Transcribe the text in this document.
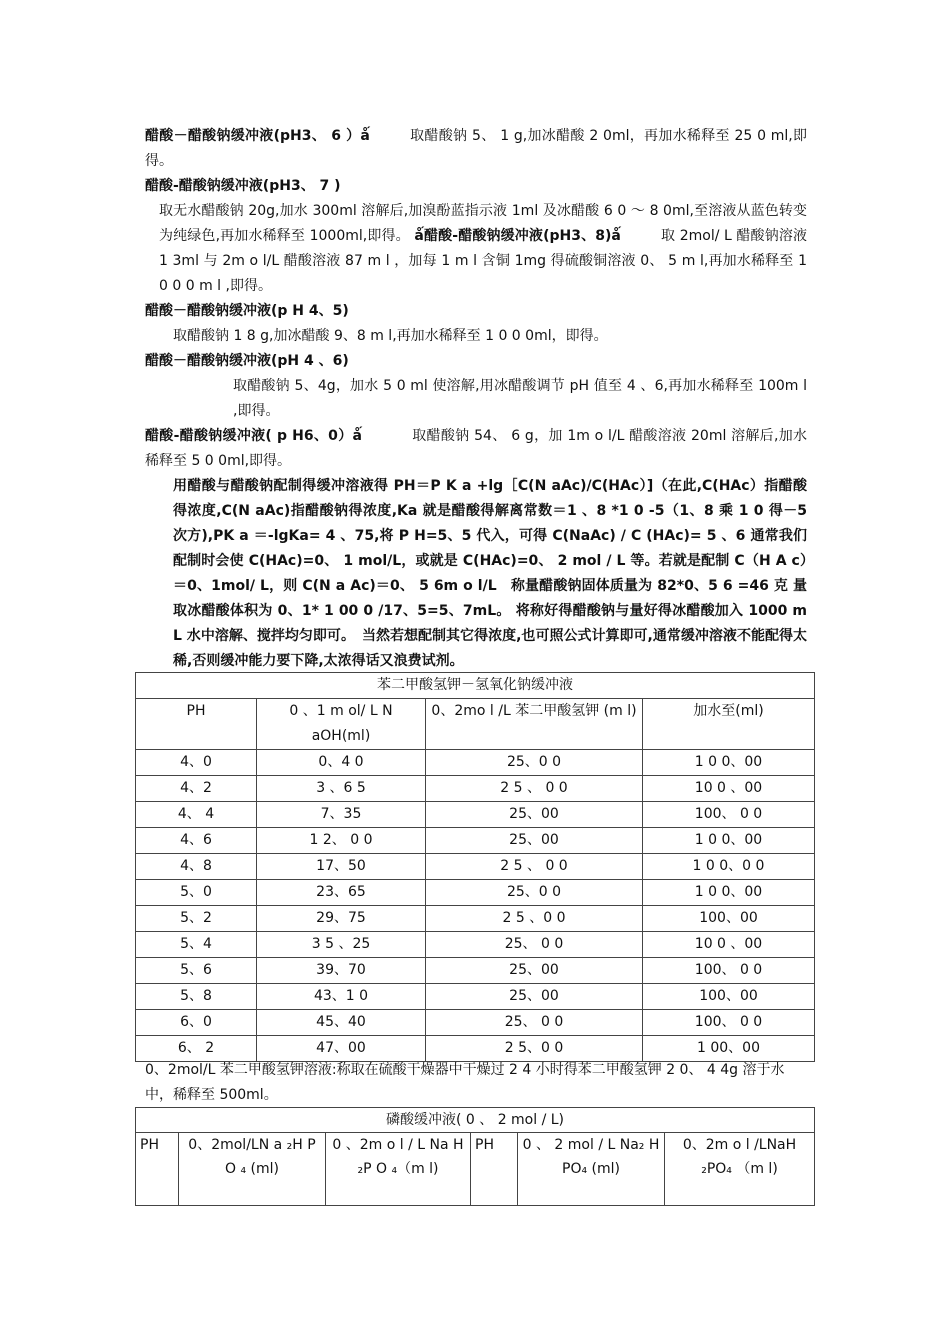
醋酸－醋酸钠缓冲液(pH3、 6 ）ǻ	取醋酸钠 5、 1 g,加冰醋酸 2 0ml，再加水稀释至 25 0 ml,即得。

醋酸-醋酸钠缓冲液(pH3、 7 )

取无水醋酸钠 20g,加水 300ml 溶解后,加溴酚蓝指示液 1ml 及冰醋酸 6 0 ～ 8 0ml,至溶液从蓝色转变为纯绿色,再加水稀释至 1000ml,即得。 ǻ醋酸-醋酸钠缓冲液(pH3、8)ǻ	取 2mol/ L 醋酸钠溶液 1 3ml 与 2m o l/L 醋酸溶液 87 m l ，加每 1 m l 含铜 1mg 得硫酸铜溶液 0、 5 m l,再加水稀释至 1 0 0 0 m l ,即得。

醋酸－醋酸钠缓冲液(p H 4、5)

取醋酸钠 1 8 g,加冰醋酸 9、8 m l,再加水稀释至 1 0 0 0ml，即得。

醋酸－醋酸钠缓冲液(pH 4 、6)

取醋酸钠 5、4g，加水 5 0 ml 使溶解,用冰醋酸调节 pH 值至 4 、6,再加水稀释至 100m l ,即得。

醋酸-醋酸钠缓冲液( p H6、0）ǻ	取醋酸钠 54、 6 g，加 1m o l/L 醋酸溶液 20ml 溶解后,加水稀释至 5 0 0ml,即得。

用醋酸与醋酸钠配制得缓冲溶液得 PH＝P K a +lg［C(N aAc)/C(HAc）]（在此,C(HAc）指醋酸得浓度,C(N aAc)指醋酸钠得浓度,Ka 就是醋酸得解离常数＝1 、8 *1 0 -5（1、8 乘 1 0 得－5 次方),PK a ＝-lgKa= 4 、75,将 P H=5、5 代入，可得 C(NaAc) / C (HAc)= 5 、6 通常我们配制时会使 C(HAc)=0、 1 mol/L，或就是 C(HAc)=0、 2 mol / L 等。若就是配制 C（H A c）＝0、1mol/ L，则 C(N a Ac)＝0、 5 6m o l/L　称量醋酸钠固体质量为 82*0、5 6 =46 克 量取冰醋酸体积为 0、1* 1 00 0 /17、5=5、7mL。 将称好得醋酸钠与量好得冰醋酸加入 1000 m L 水中溶解、搅拌均匀即可。　当然若想配制其它得浓度,也可照公式计算即可,通常缓冲溶液不能配得太稀,否则缓冲能力要下降,太浓得话又浪费试剂。

苯二甲酸氢钾－氢氧化钠缓冲液			
PH	0 、1 m ol/ L N aOH(ml)	0、2mo l /L 苯二甲酸氢钾 (m l)	加水至(ml)
4、0	0、4 0	25、0 0	1 0 0、00
4、2	3 、6 5	2 5 、 0 0	10 0 、00
4、 4	7、35	25、00	100、 0 0
4、6	1 2、 0 0	25、00	1 0 0、00
4、8	17、50	2 5 、 0 0	1 0 0、0 0
5、0	23、65	25、0 0	1 0 0、00
5、2	29、75	2 5 、0 0	100、00
5、4	3 5 、25	25、 0 0	10 0 、00
5、6	39、70	25、00	100、 0 0
5、8	43、1 0	25、00	100、00
6、0	45、40	25、 0 0	100、 0 0
6、 2	47、00	2 5、0 0	1 00、00

0、2mol/L 苯二甲酸氢钾溶液:称取在硫酸干燥器中干燥过 2 4 小时得苯二甲酸氢钾 2 0、 4 4g 溶于水中，稀释至 500ml。

磷酸缓冲液( 0 、 2 mol / L)
PH	0、2mol/LN a ₂H P O ₄ (ml)	0 、2m o l / L Na H ₂P O ₄（m l)	PH	0 、 2 mol / L Na₂ H PO₄ (ml)	0、2m o l /LNaH ₂PO₄ （m l)
